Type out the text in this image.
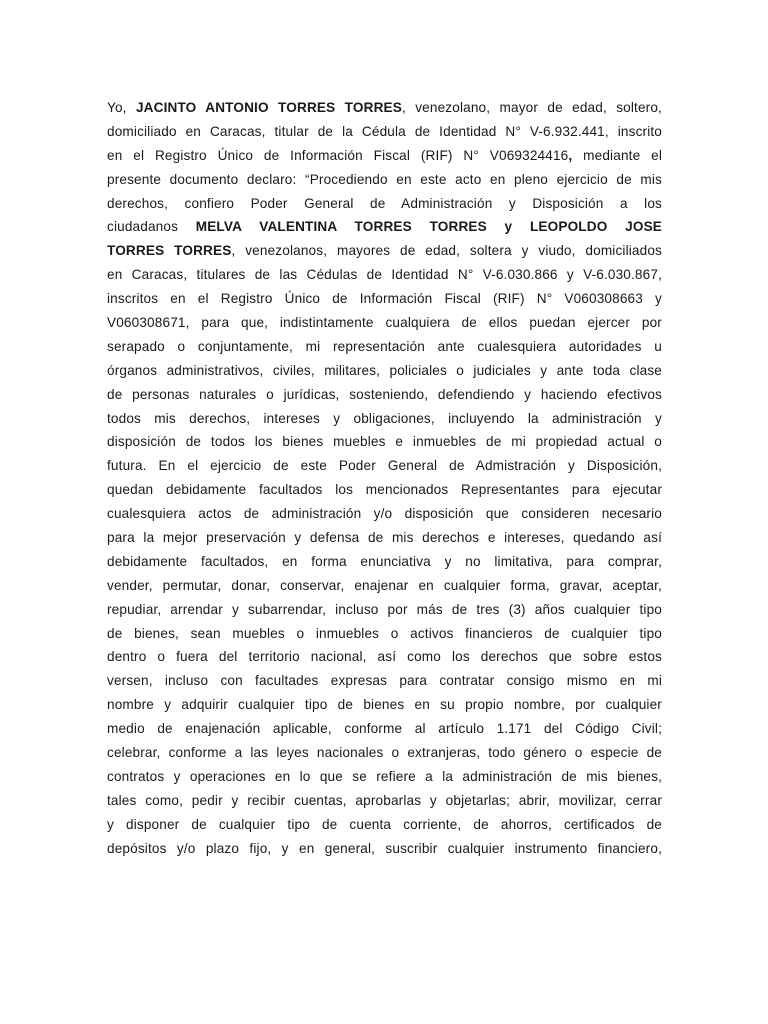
Yo, JACINTO ANTONIO TORRES TORRES, venezolano, mayor de edad, soltero,
domiciliado en Caracas, titular de la Cédula de Identidad N° V-6.932.441, inscrito
en el Registro Único de Información Fiscal (RIF) N° V069324416, mediante el
presente documento declaro: “Procediendo en este acto en pleno ejercicio de mis
derechos, confiero Poder General de Administración y Disposición a los
ciudadanos MELVA VALENTINA TORRES TORRES y LEOPOLDO JOSE
TORRES TORRES, venezolanos, mayores de edad, soltera y viudo, domiciliados
en Caracas, titulares de las Cédulas de Identidad N° V-6.030.866 y V-6.030.867,
inscritos en el Registro Único de Información Fiscal (RIF) N° V060308663 y
V060308671, para que, indistintamente cualquiera de ellos puedan ejercer por
serapado o conjuntamente, mi representación ante cualesquiera autoridades u
órganos administrativos, civiles, militares, policiales o judiciales y ante toda clase
de personas naturales o jurídicas, sosteniendo, defendiendo y haciendo efectivos
todos mis derechos, intereses y obligaciones, incluyendo la administración y
disposición de todos los bienes muebles e inmuebles de mi propiedad actual o
futura. En el ejercicio de este Poder General de Admistración y Disposición,
quedan debidamente facultados los mencionados Representantes para ejecutar
cualesquiera actos de administración y/o disposición que consideren necesario
para la mejor preservación y defensa de mis derechos e intereses, quedando así
debidamente facultados, en forma enunciativa y no limitativa, para comprar,
vender, permutar, donar, conservar, enajenar en cualquier forma, gravar, aceptar,
repudiar, arrendar y subarrendar, incluso por más de tres (3) años cualquier tipo
de bienes, sean muebles o inmuebles o activos financieros de cualquier tipo
dentro o fuera del territorio nacional, así como los derechos que sobre estos
versen, incluso con facultades expresas para contratar consigo mismo en mi
nombre y adquirir cualquier tipo de bienes en su propio nombre, por cualquier
medio de enajenación aplicable, conforme al artículo 1.171 del Código Civil;
celebrar, conforme a las leyes nacionales o extranjeras, todo género o especie de
contratos y operaciones en lo que se refiere a la administración de mis bienes,
tales como, pedir y recibir cuentas, aprobarlas y objetarlas; abrir, movilizar, cerrar
y disponer de cualquier tipo de cuenta corriente, de ahorros, certificados de
depósitos y/o plazo fijo, y en general, suscribir cualquier instrumento financiero,
